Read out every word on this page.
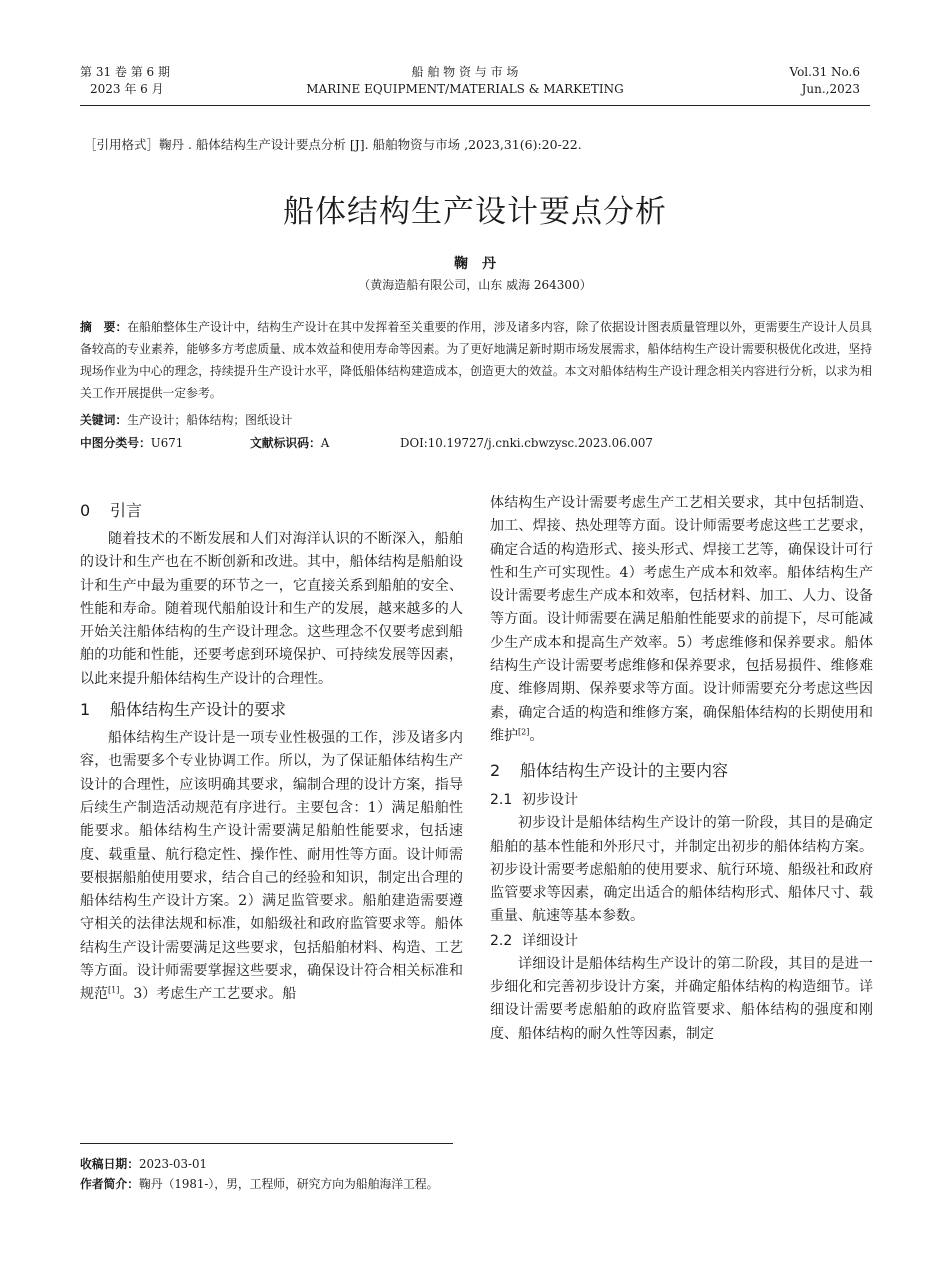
第 31 卷 第 6 期
2023 年 6 月
船 舶 物 资 与 市 场
MARINE EQUIPMENT/MATERIALS & MARKETING
Vol.31 No.6
Jun.,2023
［引用格式］鞠丹 . 船体结构生产设计要点分析 [J]. 船舶物资与市场 ,2023,31(6):20-22.
船体结构生产设计要点分析
鞠　丹
（黄海造船有限公司，山东 威海 264300）
摘　要：在船舶整体生产设计中，结构生产设计在其中发挥着至关重要的作用，涉及诸多内容，除了依据设计图表质量管理以外，更需要生产设计人员具备较高的专业素养，能够多方考虑质量、成本效益和使用寿命等因素。为了更好地满足新时期市场发展需求，船体结构生产设计需要积极优化改进，坚持现场作业为中心的理念，持续提升生产设计水平，降低船体结构建造成本，创造更大的效益。本文对船体结构生产设计理念相关内容进行分析，以求为相关工作开展提供一定参考。
关键词：生产设计；船体结构；图纸设计
中图分类号：U671	文献标识码：A	DOI:10.19727/j.cnki.cbwzysc.2023.06.007
0 引言

随着技术的不断发展和人们对海洋认识的不断深入，船舶的设计和生产也在不断创新和改进。其中，船体结构是船舶设计和生产中最为重要的环节之一，它直接关系到船舶的安全、性能和寿命。随着现代船舶设计和生产的发展，越来越多的人开始关注船体结构的生产设计理念。这些理念不仅要考虑到船舶的功能和性能，还要考虑到环境保护、可持续发展等因素，以此来提升船体结构生产设计的合理性。

1 船体结构生产设计的要求

船体结构生产设计是一项专业性极强的工作，涉及诸多内容，也需要多个专业协调工作。所以，为了保证船体结构生产设计的合理性，应该明确其要求，编制合理的设计方案，指导后续生产制造活动规范有序进行。主要包含：1）满足船舶性能要求。船体结构生产设计需要满足船舶性能要求，包括速度、载重量、航行稳定性、操作性、耐用性等方面。设计师需要根据船舶使用要求，结合自己的经验和知识，制定出合理的船体结构生产设计方案。2）满足监管要求。船舶建造需要遵守相关的法律法规和标准，如船级社和政府监管要求等。船体结构生产设计需要满足这些要求，包括船舶材料、构造、工艺等方面。设计师需要掌握这些要求，确保设计符合相关标准和规范[1]。3）考虑生产工艺要求。船

体结构生产设计需要考虑生产工艺相关要求，其中包括制造、加工、焊接、热处理等方面。设计师需要考虑这些工艺要求，确定合适的构造形式、接头形式、焊接工艺等，确保设计可行性和生产可实现性。4）考虑生产成本和效率。船体结构生产设计需要考虑生产成本和效率，包括材料、加工、人力、设备等方面。设计师需要在满足船舶性能要求的前提下，尽可能减少生产成本和提高生产效率。5）考虑维修和保养要求。船体结构生产设计需要考虑维修和保养要求，包括易损件、维修难度、维修周期、保养要求等方面。设计师需要充分考虑这些因素，确定合适的构造和维修方案，确保船体结构的长期使用和维护[2]。

2 船体结构生产设计的主要内容
2.1 初步设计

初步设计是船体结构生产设计的第一阶段，其目的是确定船舶的基本性能和外形尺寸，并制定出初步的船体结构方案。初步设计需要考虑船舶的使用要求、航行环境、船级社和政府监管要求等因素，确定出适合的船体结构形式、船体尺寸、载重量、航速等基本参数。

2.2 详细设计

详细设计是船体结构生产设计的第二阶段，其目的是进一步细化和完善初步设计方案，并确定船体结构的构造细节。详细设计需要考虑船舶的政府监管要求、船体结构的强度和刚度、船体结构的耐久性等因素，制定

收稿日期：2023-03-01
作者简介：鞠丹（1981-），男，工程师，研究方向为船舶海洋工程。
